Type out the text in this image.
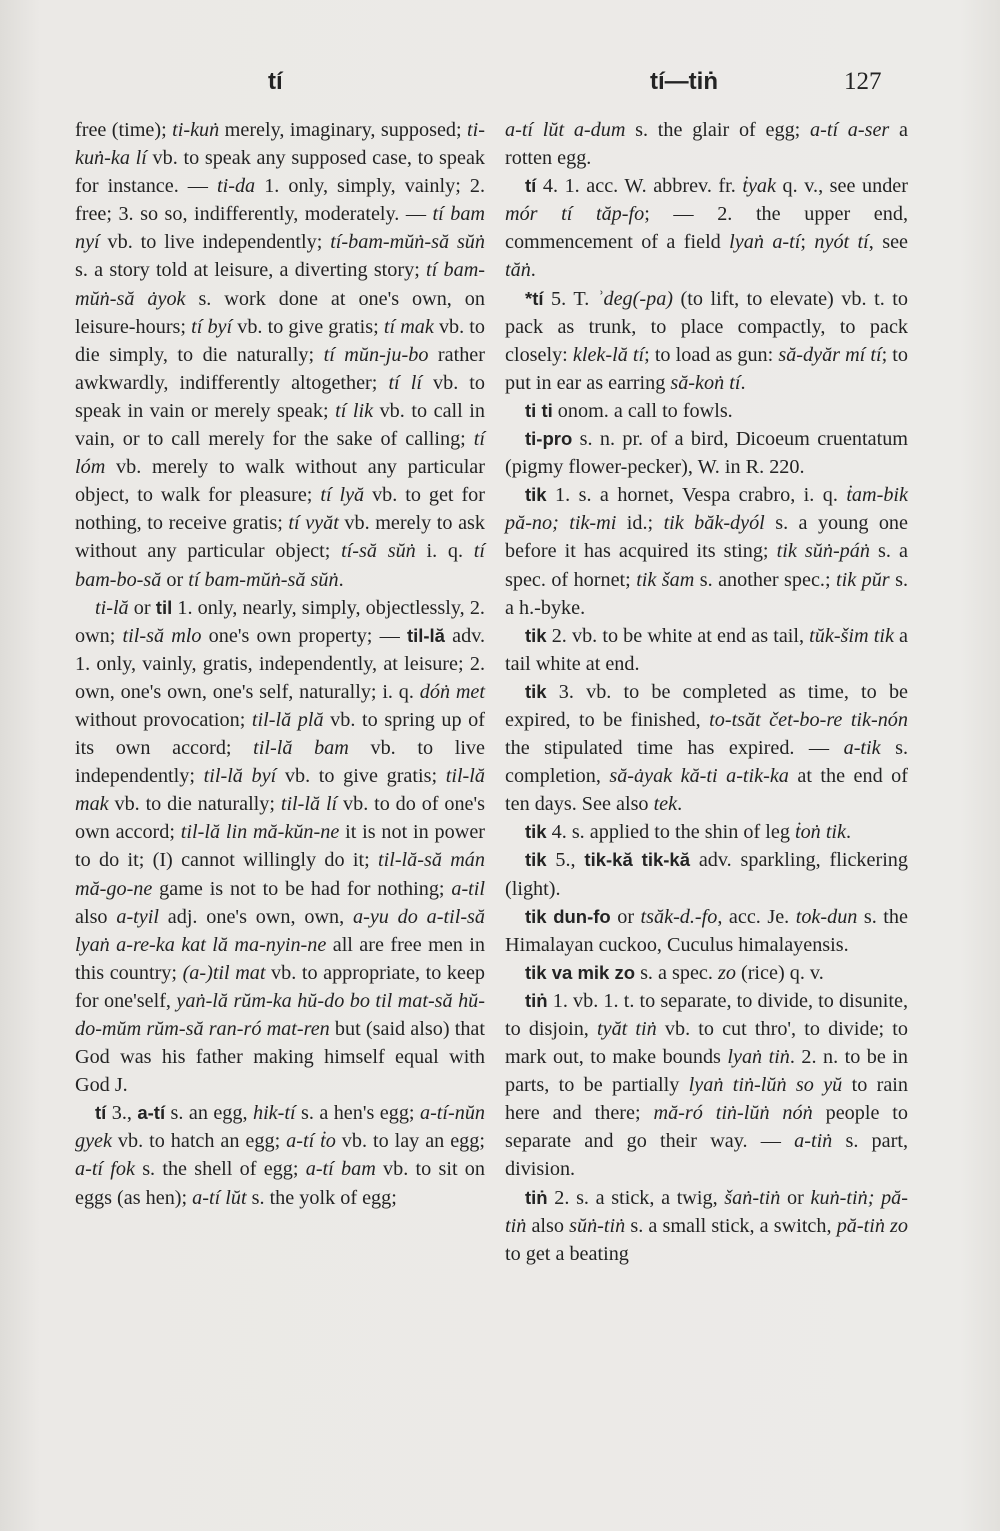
tí	tí—tiṅ	127

free (time); ti-kuṅ merely, imaginary, supposed; ti-kuṅ-ka lí vb. to speak any supposed case, to speak for instance. — ti-da 1. only, simply, vainly; 2. free; 3. so so, indifferently, moderately. — tí bam nyí vb. to live independently; tí-bam-mŭṅ-să sŭṅ s. a story told at leisure, a diverting story; tí bam-mŭṅ-să ȧyok s. work done at one's own, on leisure-hours; tí byí vb. to give gratis; tí mak vb. to die simply, to die naturally; tí mŭn-ju-bo rather awkwardly, indifferently altogether; tí lí vb. to speak in vain or merely speak; tí lik vb. to call in vain, or to call merely for the sake of calling; tí lóm vb. merely to walk without any particular object, to walk for pleasure; tí lyă vb. to get for nothing, to receive gratis; tí vyăt vb. merely to ask without any particular object; tí-să sŭṅ i. q. tí bam-bo-să or tí bam-mŭṅ-să sŭṅ.

ti-lă or til 1. only, nearly, simply, objectlessly, 2. own; til-să mlo one's own property; — til-lă adv. 1. only, vainly, gratis, independently, at leisure; 2. own, one's own, one's self, naturally; i. q. dóṅ met without provocation; til-lă plă vb. to spring up of its own accord; til-lă bam vb. to live independently; til-lă byí vb. to give gratis; til-lă mak vb. to die naturally; til-lă lí vb. to do of one's own accord; til-lă lin mă-kŭn-ne it is not in power to do it; (I) cannot willingly do it; til-lă-să mán mă-go-ne game is not to be had for nothing; a-til also a-tyil adj. one's own, own, a-yu do a-til-să lyaṅ a-re-ka kat lă ma-nyin-ne all are free men in this country; (a-)til mat vb. to appropriate, to keep for one'self, yaṅ-lă rŭm-ka hŭ-do bo til mat-să hŭ-do-mŭm rŭm-să ran-ró mat-ren but (said also) that God was his father making himself equal with God J.

tí 3., a-tí s. an egg, hik-tí s. a hen's egg; a-tí-nŭn gyek vb. to hatch an egg; a-tí ṫo vb. to lay an egg; a-tí fok s. the shell of egg; a-tí bam vb. to sit on eggs (as hen); a-tí lŭt s. the yolk of egg;

a-tí lŭt a-dum s. the glair of egg; a-tí a-ser a rotten egg.

tí 4. 1. acc. W. abbrev. fr. ṫyak q. v., see under mór tí tăp-fo; — 2. the upper end, commencement of a field lyaṅ a-tí; nyót tí, see tăṅ.

*tí 5. T. ʾdeg(-pa) (to lift, to elevate) vb. t. to pack as trunk, to place compactly, to pack closely: klek-lă tí; to load as gun: să-dyăr mí tí; to put in ear as earring să-koṅ tí.

ti ti onom. a call to fowls.

ti-pro s. n. pr. of a bird, Dicoeum cruentatum (pigmy flower-pecker), W. in R. 220.

tik 1. s. a hornet, Vespa crabro, i. q. ṫam-bik pă-no; tik-mi id.; tik băk-dyól s. a young one before it has acquired its sting; tik sŭṅ-páṅ s. a spec. of hornet; tik šam s. another spec.; tik pŭr s. a h.-byke.

tik 2. vb. to be white at end as tail, tŭk-šim tik a tail white at end.

tik 3. vb. to be completed as time, to be expired, to be finished, to-tsăt čet-bo-re tik-nón the stipulated time has expired. — a-tik s. completion, să-ȧyak kă-ti a-tik-ka at the end of ten days. See also tek.

tik 4. s. applied to the shin of leg ṫoṅ tik.

tik 5., tik-kă tik-kă adv. sparkling, flickering (light).

tik dun-fo or tsăk-d.-fo, acc. Je. tok-dun s. the Himalayan cuckoo, Cuculus himalayensis.

tik va mik zo s. a spec. zo (rice) q. v.

tiṅ 1. vb. 1. t. to separate, to divide, to disunite, to disjoin, tyăt tiṅ vb. to cut thro', to divide; to mark out, to make bounds lyaṅ tiṅ. 2. n. to be in parts, to be partially lyaṅ tiṅ-lŭṅ so yŭ to rain here and there; mă-ró tiṅ-lŭṅ nóṅ people to separate and go their way. — a-tiṅ s. part, division.

tiṅ 2. s. a stick, a twig, šaṅ-tiṅ or kuṅ-tiṅ; pă-tiṅ also sŭṅ-tiṅ s. a small stick, a switch, pă-tiṅ zo to get a beating
